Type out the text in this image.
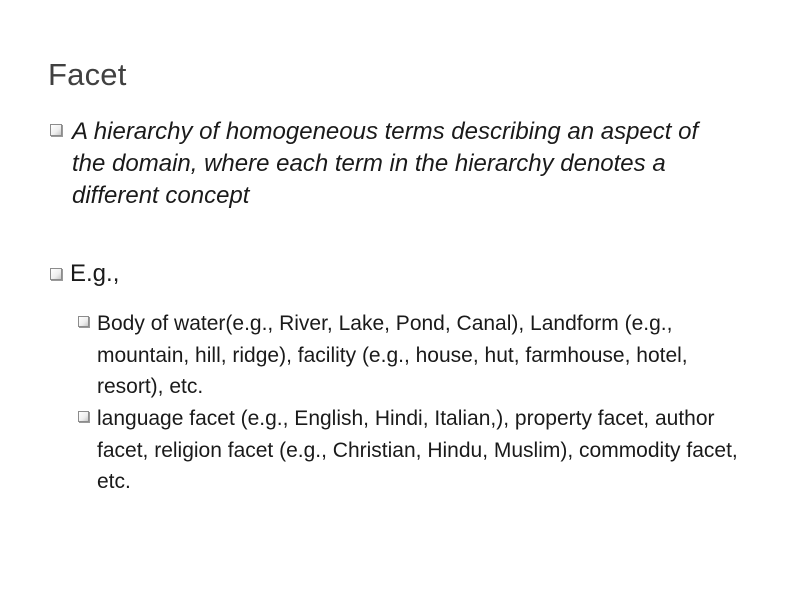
Facet
A hierarchy of homogeneous terms describing an aspect of the domain, where each term in the hierarchy denotes a different concept
E.g.,
Body of water(e.g., River, Lake, Pond, Canal), Landform (e.g., mountain, hill, ridge), facility (e.g., house, hut, farmhouse, hotel, resort), etc.
language facet (e.g., English, Hindi, Italian,), property facet, author facet, religion facet (e.g., Christian, Hindu, Muslim), commodity facet, etc.
